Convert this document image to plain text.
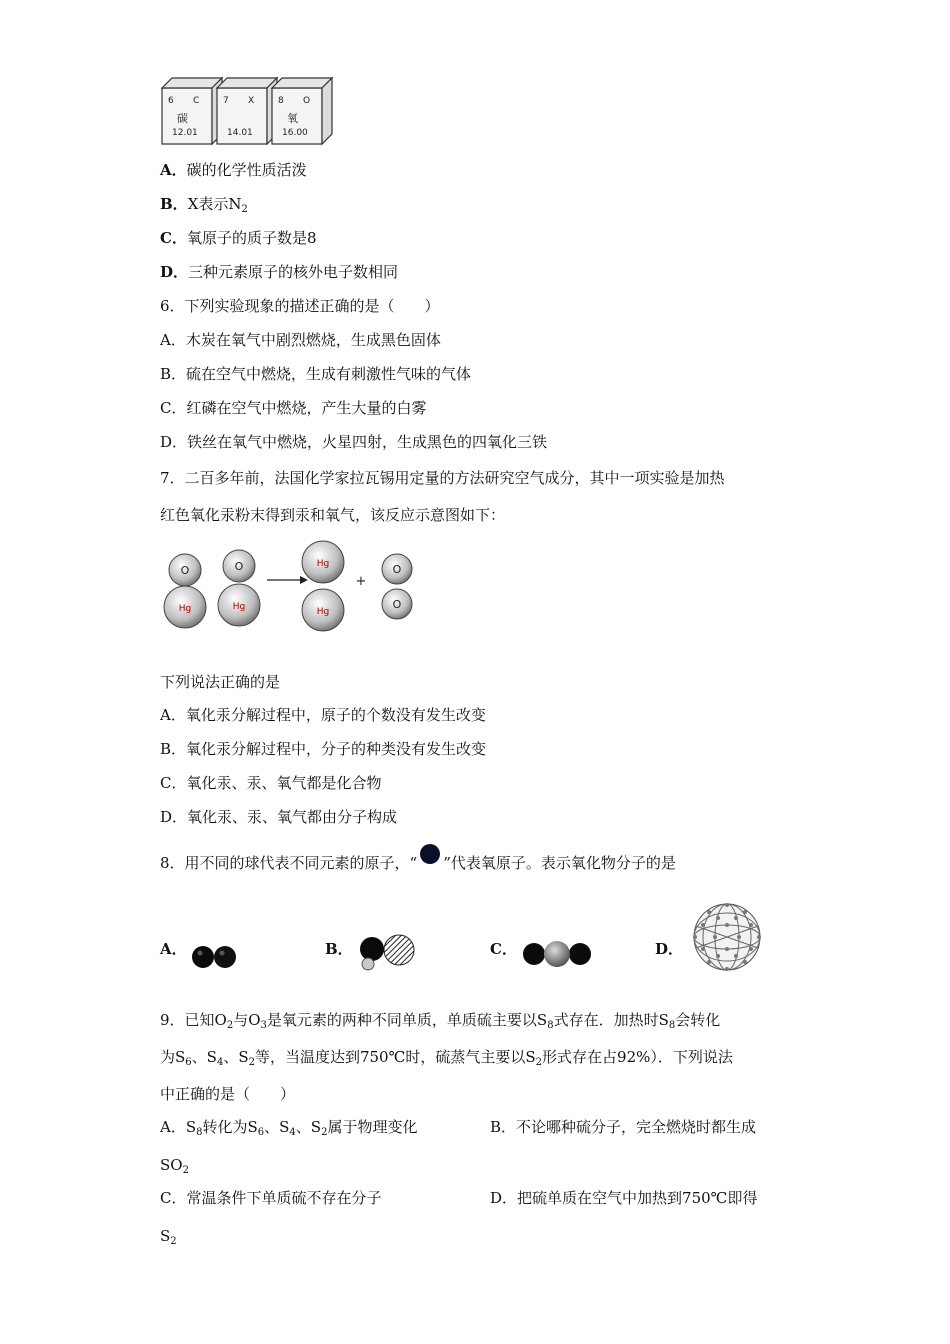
6 C
碳
12.01
7 X
14.01
8 O
氧
16.00
A．碳的化学性质活泼
B．X表示$N_2$
C．氧原子的质子数是8
D．三种元素原子的核外电子数相同
6．下列实验现象的描述正确的是（　　）
A．木炭在氧气中剧烈燃烧，生成黑色固体
B．硫在空气中燃烧，生成有刺激性气味的气体
C．红磷在空气中燃烧，产生大量的白雾
D．铁丝在氧气中燃烧，火星四射，生成黑色的四氧化三铁
7．二百多年前，法国化学家拉瓦锡用定量的方法研究空气成分，其中一项实验是加热
红色氧化汞粉末得到汞和氧气，该反应示意图如下：
O
Hg
O
Hg
Hg
Hg
O
O
+
下列说法正确的是
A．氧化汞分解过程中，原子的个数没有发生改变
B．氧化汞分解过程中，分子的种类没有发生改变
C．氧化汞、汞、氧气都是化合物
D．氧化汞、汞、氧气都由分子构成
8．用不同的球代表不同元素的原子，“ ”代表氧原子。表示氧化物分子的是
A．	B．	C．	D．
9．已知$O_2$与$O_3$是氧元素的两种不同单质，单质硫主要以$S_8$式存在．加热时$S_8$会转化
为$S_6$、$S_4$、$S_2$等，当温度达到750℃时，硫蒸气主要以$S_2$形式存在占92%）．下列说法
中正确的是（　　）
A．$S_8$转化为$S_6$、$S_4$、$S_2$属于物理变化	B．不论哪种硫分子，完全燃烧时都生成
$SO_2$
C．常温条件下单质硫不存在分子	D．把硫单质在空气中加热到750℃即得
$S_2$
